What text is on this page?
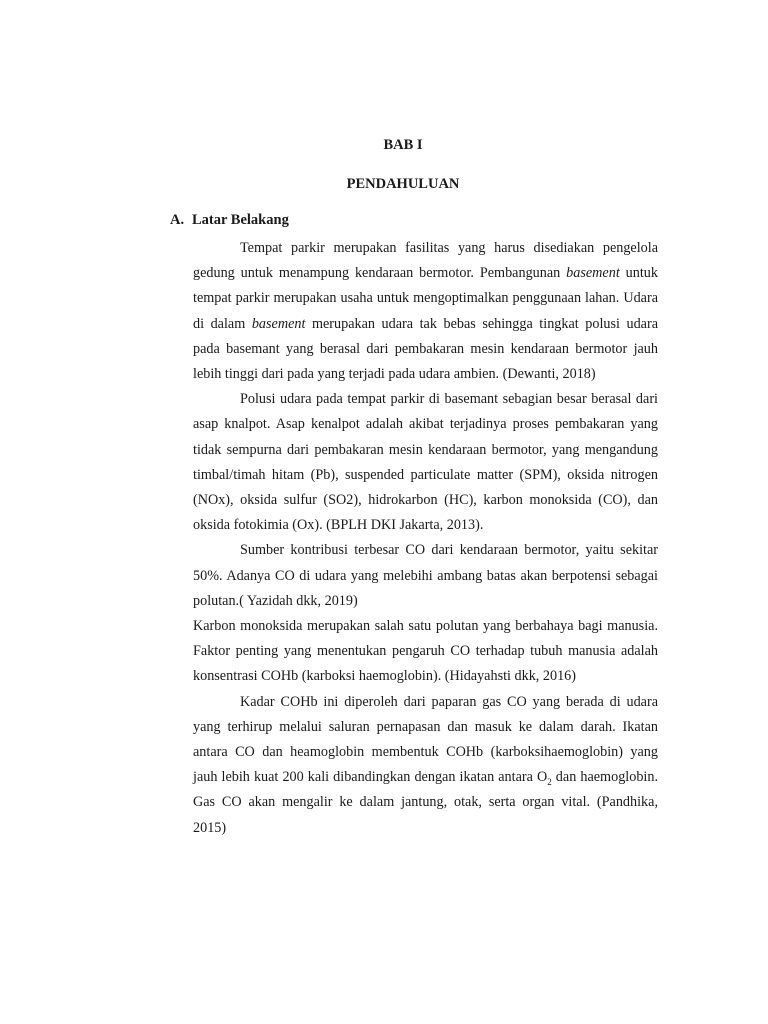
BAB I
PENDAHULUAN
A. Latar Belakang

Tempat parkir merupakan fasilitas yang harus disediakan pengelola gedung untuk menampung kendaraan bermotor. Pembangunan basement untuk tempat parkir merupakan usaha untuk mengoptimalkan penggunaan lahan. Udara di dalam basement merupakan udara tak bebas sehingga tingkat polusi udara pada basemant yang berasal dari pembakaran mesin kendaraan bermotor jauh lebih tinggi dari pada yang terjadi pada udara ambien. (Dewanti, 2018)

Polusi udara pada tempat parkir di basemant sebagian besar berasal dari asap knalpot. Asap kenalpot adalah akibat terjadinya proses pembakaran yang tidak sempurna dari pembakaran mesin kendaraan bermotor, yang mengandung timbal/timah hitam (Pb), suspended particulate matter (SPM), oksida nitrogen (NOx), oksida sulfur (SO2), hidrokarbon (HC), karbon monoksida (CO), dan oksida fotokimia (Ox). (BPLH DKI Jakarta, 2013).

Sumber kontribusi terbesar CO dari kendaraan bermotor, yaitu sekitar 50%. Adanya CO di udara yang melebihi ambang batas akan berpotensi sebagai polutan.( Yazidah dkk, 2019)

Karbon monoksida merupakan salah satu polutan yang berbahaya bagi manusia. Faktor penting yang menentukan pengaruh CO terhadap tubuh manusia adalah konsentrasi COHb (karboksi haemoglobin). (Hidayahsti dkk, 2016)

Kadar COHb ini diperoleh dari paparan gas CO yang berada di udara yang terhirup melalui saluran pernapasan dan masuk ke dalam darah. Ikatan antara CO dan heamoglobin membentuk COHb (karboksihaemoglobin) yang jauh lebih kuat 200 kali dibandingkan dengan ikatan antara $O_2$ dan haemoglobin. Gas CO akan mengalir ke dalam jantung, otak, serta organ vital. (Pandhika, 2015)
